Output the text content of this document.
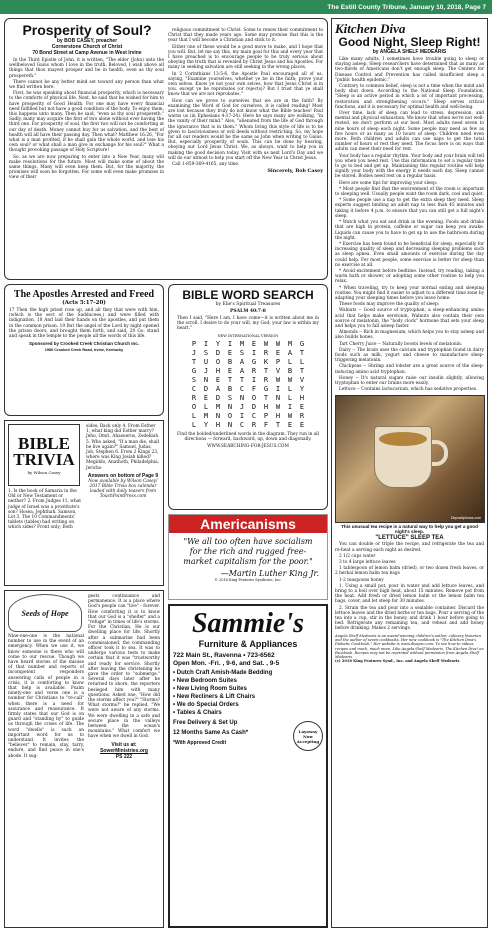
The Estill County Tribune, January 10, 2018, Page 7
Prosperity of Soul?
by BOB CASEY, preacher
Cornerstone Church of Christ
70 Bond Street at Camp Avenue in West Irvine

In the Third Epistle of John, it is written, "The elder (John) unto the wellbeloved Gaius whom I love in the truth. Beloved, I wish above all things that thou mayest prosper and be in health, even as thy soul prospereth."

There cannot be any better mind set toward any person than what we find written here.

First, he was speaking about financial prosperity, which is necessary to the comforts of physical life. Next, he said that he wished for him to have prosperity of Good Health. For one may have every financial need fulfilled but not have a good condition of the body. To enjoy them, this happens unto many. Then he said, "even as thy soul prospereth." Sadly, many may acquire the first of two alone without ever having the third one. For prosperity of soul, the first two will not be comforting at our day of death. Money cannot buy for us salvation, and the best of health will all have their passing day. Then what? Matthew 16:26, "For what is a man profited, if he shall gain the whole world, and lose his own soul? or what shall a man give in exchange for his soul?" What a thought provoking passage of Holy Scripture!

So, as we are now preparing to enter into a New Year, many will make resolutions for the future. Most will make some of about the same things. Many will even keep them. But, for the majority, the promises will soon be forgotten. For some will even make promises in view of their

religious commitment to Christ. Some to renew their commitment to Christ that they made years ago. Some may promise that this is the year that I will become a Christian and stick to it.

Either one of these would be a good move to make, and I hope that you will. But, let me say this, my main goal for this and every year that I have preached is to encourage people to be truly serious about obeying the truth that is revealed by Christ Jesus and his Apostles. For many in seeking salvation are still seeking in the wrong places.

In 2 Corinthians 13:5-6, the Apostle Paul encouraged all of us, saying, "Examine yourselves, whether ye be in the faith; prove your own selves. Know ye not your own selves, how that Jesus Christ is in you, except ye be reprobates (or rejects)? But I trust that ye shall know that we are not reprobates."

How can we prove to ourselves that we are in the faith? By examining the Word of God for ourselves, it is called reading! Most are lost because they truly do not know what the Bible teaches! Paul warns us (in Ephesians 4:17-24). Here he says many are walking, "in the vanity of their mind." Also, "alienated from the life of God through the ignorance that is in them." Whom living this style of life is to be given to lasciviousness or evil deeds without restricting. So, my hope for all our readers would be the same as John when writing to Gaius. But, especially prosperity of souls. This can be done by hearing, obeying our Lord Jesus Christ. We, as always, want to help you in making the good decision today. Visit with us next Lord's Day and we will do our utmost to help you start off the New Year in Christ Jesus.

Call 1-859-369-4165, any time.

Sincerely, Bob Casey
The Apostles Arrested and Freed
(Acts 5:17-20)
17 Then the high priest rose up, and all they that were with him, (which is the sect of the Sadducees,) and were filled with indignation, 18 And laid their hands on the apostles, and put them in the common prison. 19 But the angel of the Lord by night opened the prison doors, and brought them forth, and said, 20 Go, stand and speak in the temple to the people all the words of this life.
Sponsored by Crooked Creek Christian Church Inc.
1980 Crooked Creek Road, Irvine, Kentucky
BIBLE
TRIVIA
by Wilson Casey
1. Is the book of Samaria in the Old or New Testament or neither? 2. From Judges 11, what judge of Israel was a prostitute's son? Hosea, Jephthah, Samson, Lot 3. The 10 Commandments' tablets (tables) had writing on which sides? Front only; Both
sides; Back only 4. From Esther 1, what king did Esther marry? Jehu, Omri, Ahasuerus, Zedekiah 5. Who asked, "If a man die, shall he live again?" Samuel, Judas, Job, Stephen 6. From 2 Kings 23, where was King Josiah killed? Megiddo, Anathoth, Philadelphia, Jericho
Answers on bottom of Page 9
Now available by Wilson Casey! 2017 Bible Trivia box calendar loaded with daily teasers from TouchPointPress.com
Seeds of Hope
Nine-one-one is the national number to use in the event of an emergency. When we use it, we know someone is there who will come to our rescue. Though we have heard stories of the misuse of that number and reports of incompetent responders answering calls of people in a crisis, it is comforting to know that help is available. Psalm ninety-one and verse one is a number for Christians to "re-call" when there is a need for assurance and reassurance. It firmly states that our God is on guard and "standing by" to guide us through the crises of life. The word "dwells" is such an important word for us to understand. It invites the "believer" to remain, stay, tarry, endure, and find peace in one's abode. It sug-
gests continuance and permanence. It is a place where God's people can "live" - forever. How comforting it is to know that our God is a "shelter" and a "refuge" in times of life's storms. For the Christian, He is our dwelling place for life. Shortly after a submarine had been commissioned, the commanding officer took it to sea. It was to undergo various tests to make certain that it was "trustworthy and ready for service. Shortly after leaving the christening he gave the order to "submerge." Several days later after he returned to shore, the reporters besieged him with many questions. Asked one, "How did the storms affect you?" "Storms? What storms?" he replied. "We were not aware of any storms. We were dwelling in a safe and secure place in the valleys between the ocean's mountains." What comfort we have when we dwell in God.
Visit us at:
SowerMinistries.org
PS 222
BIBLE WORD SEARCH
by Elie's Spiritual Treasures
PSALM 40:7-8
Then I said, "Here I am, I have come—it is written about me in the scroll. I desire to do your will, my God; your law is within my heart."
NEW INTERNATIONAL VERSION
P	I	Y	I	M	E	W	W	M	G
J	S	D	E	S	I	R	E	A	T
T	U	O	B	A	G	K	P	L	L
G	J	H	E	A	R	T	V	B	T
S	N	E	T	T	I	R	W	W	V
C	D	A	B	C	F	G	I	L	Y
R	E	D	S	N	O	T	N	L	H
O	L	M	N	J	D	H	W	I	E
L	M	N	O	I	C	P	H	W	R
L	Y	H	N	C	R	F	T	E	E
Find the bolded/underlined words in the diagram. They run in all directions — forward, backward, up, down and diagonally.
WWW.SEARCHING-FOR-JESUS.COM
Americanisms
"We all too often have socialism for the rich and rugged free-market capitalism for the poor."
—Martin Luther King Jr.
© 2018 King Features Syndicate, Inc.
Sammie's
Furniture & Appliances
722 Main St., Ravenna • 723-6562
Open Mon. -Fri. , 9-6, and Sat. , 9-5
• Dutch Craft Amish-Made Bedding
• New Bedroom Suites
• New Living Room Suites
• New Recliners & Lift Chairs
• We do Special Orders
• Tables & Chairs
Layaway Now Accepting
Free Delivery & Set Up
12 Months Same As Cash*
*With Approved Credit
Kitchen Diva
Good Night, Sleep Right!
by ANGELA SHELF MEDEARIS

Like many adults, I sometimes have trouble going to sleep or staying asleep. Sleep researchers have determined that as many as two-thirds of Americans don't get enough sleep. The Centers for Disease Control and Prevention has called insufficient sleep a "public health epidemic."

Contrary to common belief, sleep is not a time when the mind and body shut down. According to the National Sleep Foundation, "Sleep is an active period in which a lot of important processing, restoration and strengthening occurs." Sleep serves critical functions, and it is necessary for optimal health and well-being.

Over time, lack of sleep can lead to stress, depression, and mental and physical exhaustion. We know that when we're not well-rested, we don't perform at our best. Most adults need seven to nine hours of sleep each night. Some people may need as few as five hours or as many as 10 hours of sleep. Children need even more. Both children and adults can use naps to get the total number of hours of rest they need. The focus here is on ways that adults can meet their need for rest.

Your body has a regular rhythm. Your body and your brain will tell you when you need rest. Use this information to set a regular time to go to bed and get up. Maintaining this regular routine will help signify your body with the energy it needs each day. Sleep cannot be stored. Bodies need rest on a regular basis.

Here are some tips for improving your sleep:

* Most people find that the environment of the room is important to sleeping well. Usually people want the room dark, cool and quiet.

* Some people use a nap to get the extra sleep they need. Sleep experts suggest limiting an adult nap to less than 45 minutes and taking it before 4 p.m. to ensure that you can still get a full night's sleep.

* Watch what you eat and drink in the evening. Foods and drinks that are high in protein, caffeine or sugar can keep you awake. Liquids can cause you to have to get up to use the bathroom during the night.

* Exercise has been found to be beneficial for sleep, especially for increasing quality of sleep and decreasing sleeping problems such as sleep apnea. Even small amounts of exercise during the day could help. For most people, some exercise is better for sleep than no exercise at all.

* Avoid excitement before bedtime. Instead, try reading, taking a warm bath or shower, or adopting some other routine to help you relax.

* When traveling, try to keep your normal eating and sleeping routine. You might find it easier to adjust to a different time zone by adapting your sleeping times before you leave home.

These foods may improve the quality of sleep:

Walnuts -- Good source of tryptophan, a sleep-enhancing amino acid that helps make serotonin. Walnuts also contain their own source of melatonin, the "body clock" hormone that sets your sleep and helps you to fall asleep faster.

Almonds -- Rich in magnesium, which helps you to stay asleep and also builds bones.

Tart Cherry Juice -- Naturally boosts levels of melatonin.

Dairy -- The brain uses the calcium and tryptophan found in dairy foods such as milk, yogurt and cheese to manufacture sleep-triggering melatonin.

Chickpeas -- Shrimp and lobster are a great source of the sleep-inducing amino acid tryptophan.

Honey -- It's natural sugars raise our insulin slightly, allowing tryptophan to enter our brains more easily.

Lettuce -- Contains lactucarium, which has sedative properties.

Depositphotos.com
This unusual tea recipe is a natural way to help you get a good night's sleep.
"LETTUCE" SLEEP TEA

You can double or triple the recipe, and refrigerate the tea and re-heat a serving each night as desired.

2 1/2 cups water

3 to 4 large lettuce leaves

1 tablespoon of lemon balm (dried), or two dozen fresh leaves, or 2 herbal lemon balm tea bags

1-2 teaspoons honey

1. Using a small pot, pour in water and add lettuce leaves, and bring to a boil over high heat, about 15 minutes. Remove pot from the heat. Add fresh or dried lemon balm or the lemon balm tea bags, cover, and let steep for 30 minutes.

2. Strain the tea and pour into a sealable container. Discard the lettuce leaves and the dried herbs or tea bags. Pour a serving of the tea into a cup, stir in the honey, and drink 1 hour before going to bed. Refrigerate any remaining tea, and reheat and add honey before drinking. Makes 2 servings.

Angela Shelf Medearis is an award-winning children's author, culinary historian and the author of seven cookbooks. Her new cookbook is "The Kitchen Diva's Diabetic Cookbook." Her website is www.divapro.com. To see how-to videos, recipes and much, much more, Like Angela Shelf Medearis, The Kitchen Diva! on Facebook. Recipes may not be reprinted without permission from Angela Shelf Medearis.
(c) 2018 King Features Synd., Inc. and Angela Shelf Medearis
